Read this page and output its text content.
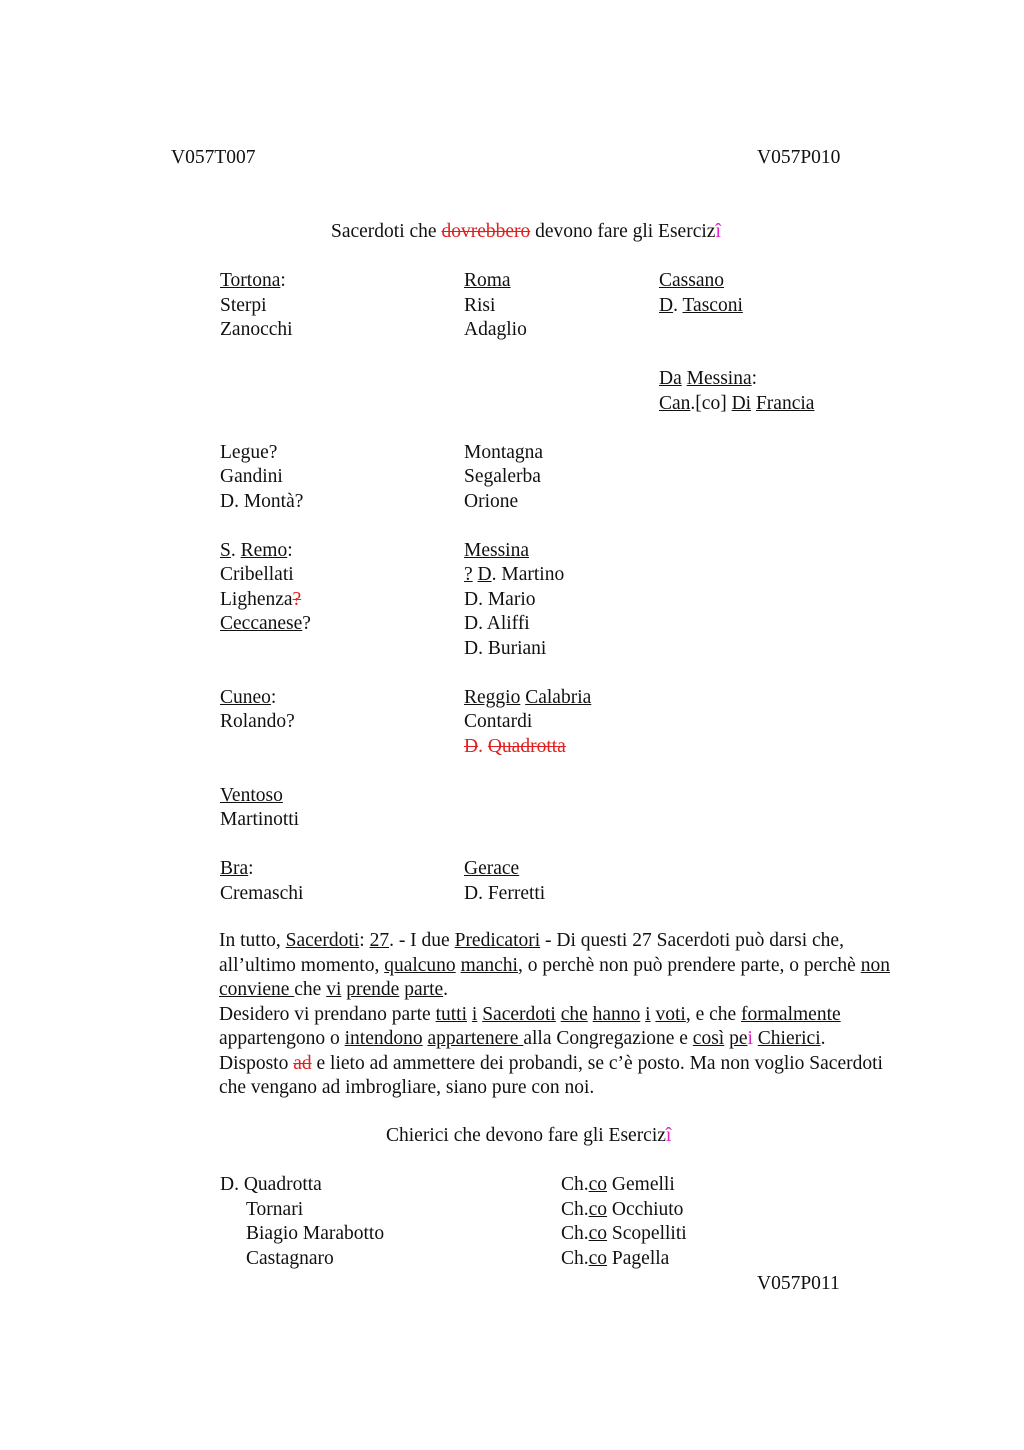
V057T007	V057P010
Sacerdoti che dovrebbero devono fare gli Esercizî
Tortona:
Sterpi
Zanocchi
Legue?
Gandini
D. Montà?
S. Remo:
Cribellati
Lighenza?
Ceccanese?
Cuneo:
Rolando?
Ventoso
Martinotti
Bra:
Cremaschi
Roma
Risi
Adaglio
Montagna
Segalerba
Orione
Messina
? D. Martino
D. Mario
D. Aliffi
D. Buriani
Reggio Calabria
Contardi
D. Quadrotta
Gerace
D. Ferretti
Cassano
D. Tasconi
Da Messina:
Can.[co] Di Francia
In tutto, Sacerdoti: 27. - I due Predicatori - Di questi 27 Sacerdoti può darsi che, all’ultimo momento, qualcuno manchi, o perchè non può prendere parte, o perchè non conviene che vi prende parte.
Desidero vi prendano parte tutti i Sacerdoti che hanno i voti, e che formalmente appartengono o intendono appartenere alla Congregazione e così pei Chierici.
Disposto ad e lieto ad ammettere dei probandi, se c’è posto. Ma non voglio Sacerdoti che vengano ad imbrogliare, siano pure con noi.
Chierici che devono fare gli Esercizî
D. Quadrotta
Tornari
Biagio Marabotto
Castagnaro
Ch.co Gemelli
Ch.co Occhiuto
Ch.co Scopelliti
Ch.co Pagella
V057P011
